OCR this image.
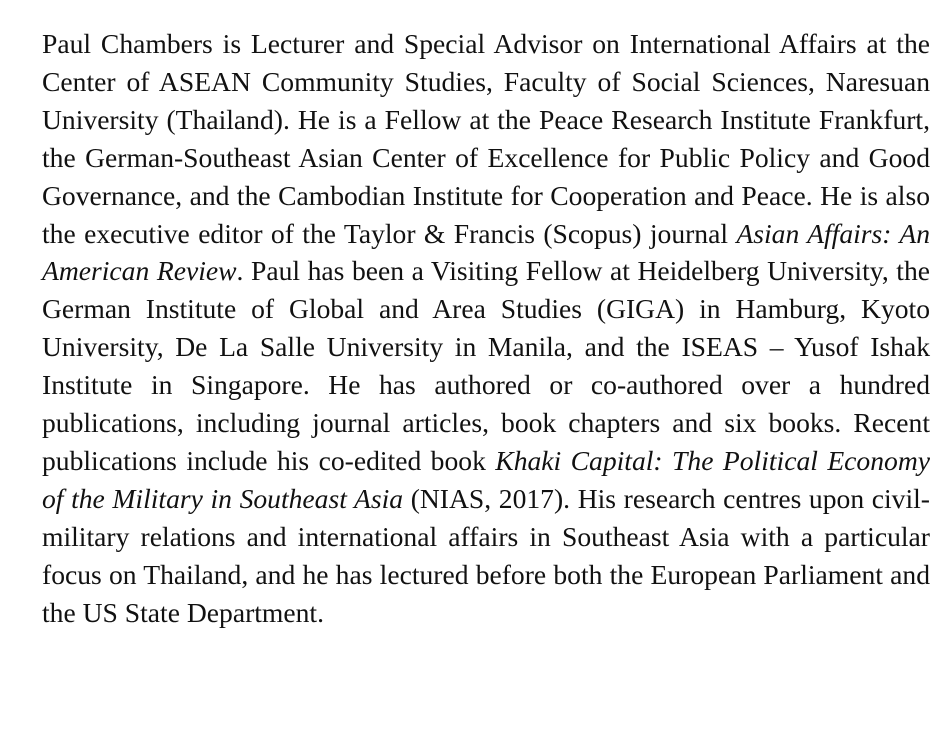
Paul Chambers is Lecturer and Special Advisor on International Affairs at the Center of ASEAN Community Studies, Faculty of Social Sciences, Naresuan University (Thailand). He is a Fellow at the Peace Research Institute Frankfurt, the German-Southeast Asian Center of Excellence for Public Policy and Good Governance, and the Cambodian Institute for Cooperation and Peace. He is also the executive editor of the Taylor & Francis (Scopus) journal Asian Affairs: An American Review. Paul has been a Visiting Fellow at Heidelberg University, the German Institute of Global and Area Studies (GIGA) in Hamburg, Kyoto University, De La Salle University in Manila, and the ISEAS – Yusof Ishak Institute in Singapore. He has authored or co-authored over a hundred publications, including journal articles, book chapters and six books. Recent publications include his co-edited book Khaki Capital: The Political Economy of the Military in Southeast Asia (NIAS, 2017). His research centres upon civil-military relations and international affairs in Southeast Asia with a particular focus on Thailand, and he has lectured before both the European Parliament and the US State Department.
